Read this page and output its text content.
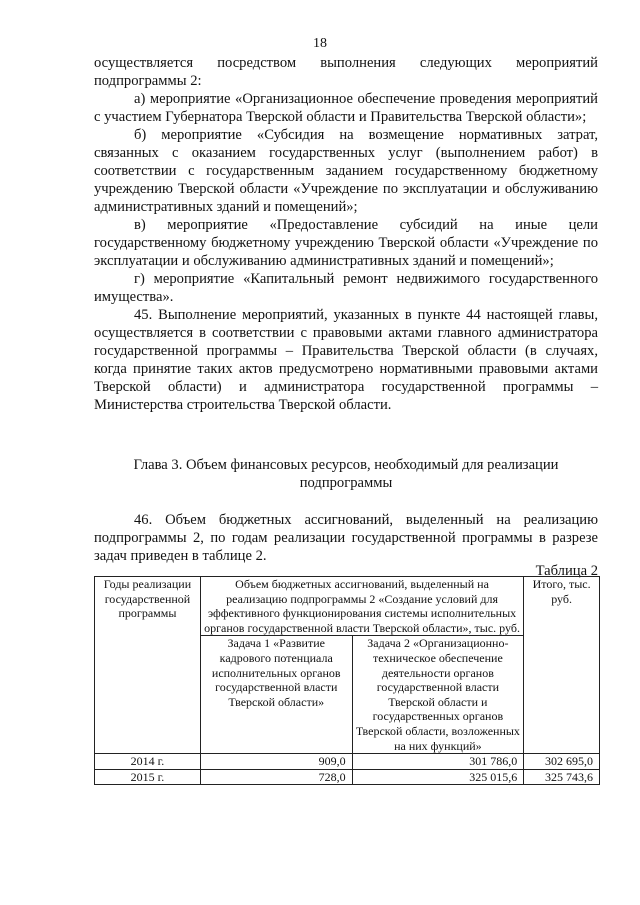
18

осуществляется посредством выполнения следующих мероприятий подпрограммы 2:

а) мероприятие «Организационное обеспечение проведения мероприятий с участием Губернатора Тверской области и Правительства Тверской области»;

б) мероприятие «Субсидия на возмещение нормативных затрат, связанных с оказанием государственных услуг (выполнением работ) в соответствии с государственным заданием государственному бюджетному учреждению Тверской области «Учреждение по эксплуатации и обслуживанию административных зданий и помещений»;

в) мероприятие «Предоставление субсидий на иные цели государственному бюджетному учреждению Тверской области «Учреждение по эксплуатации и обслуживанию административных зданий и помещений»;

г) мероприятие «Капитальный ремонт недвижимого государственного имущества».

45. Выполнение мероприятий, указанных в пункте 44 настоящей главы, осуществляется в соответствии с правовыми актами главного администратора государственной программы – Правительства Тверской области (в случаях, когда принятие таких актов предусмотрено нормативными правовыми актами Тверской области) и администратора государственной программы – Министерства строительства Тверской области.

Глава 3. Объем финансовых ресурсов, необходимый для реализации
подпрограммы

46. Объем бюджетных ассигнований, выделенный на реализацию подпрограммы 2, по годам реализации государственной программы в разрезе задач приведен в таблице 2.

Таблица 2
Годы реализации государственной программы	Объем бюджетных ассигнований, выделенный на реализацию подпрограммы 2 «Создание условий для эффективного функционирования системы исполнительных органов государственной власти Тверской области», тыс. руб.		Итого, тыс. руб.
	Задача 1 «Развитие кадрового потенциала исполнительных органов государственной власти Тверской области»	Задача 2 «Организационно-техническое обеспечение деятельности органов государственной власти Тверской области и государственных органов Тверской области, возложенных на них функций»	
2014 г.	909,0	301 786,0	302 695,0
2015 г.	728,0	325 015,6	325 743,6
